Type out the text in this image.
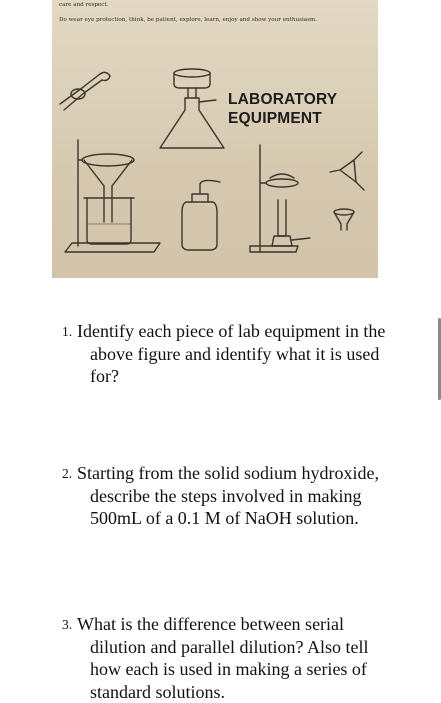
care and respect.
Do wear eye protection, think, be patient, explore, learn, enjoy and show your enthusiasm.
LABORATORY
EQUIPMENT
1. Identify each piece of lab equipment in the above figure and identify what it is used for?
2. Starting from the solid sodium hydroxide, describe the steps involved in making 500mL of a 0.1 M of NaOH solution.
3. What is the difference between serial dilution and parallel dilution? Also tell how each is used in making a series of standard solutions.
